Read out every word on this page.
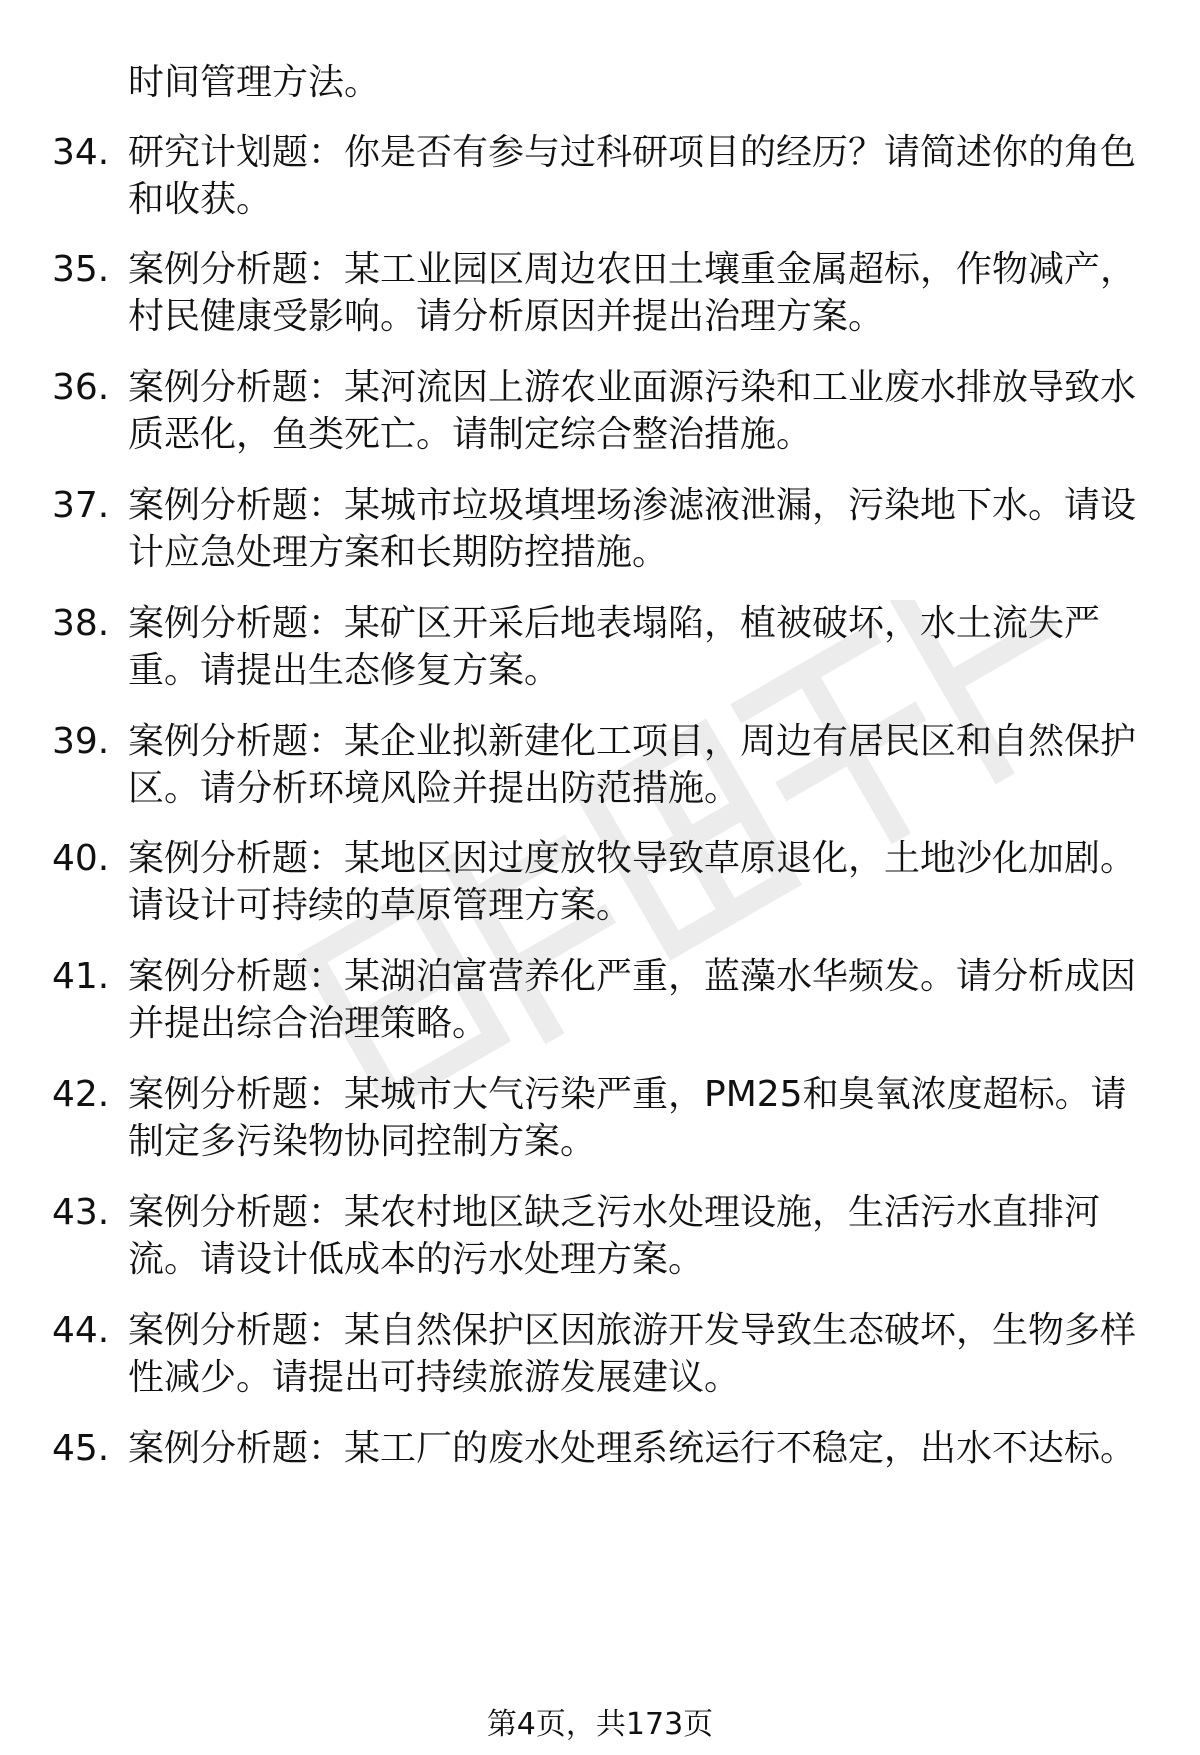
时间管理方法。
34. 研究计划题：你是否有参与过科研项目的经历？请简述你的角色和收获。
35. 案例分析题：某工业园区周边农田土壤重金属超标，作物减产，村民健康受影响。请分析原因并提出治理方案。
36. 案例分析题：某河流因上游农业面源污染和工业废水排放导致水质恶化，鱼类死亡。请制定综合整治措施。
37. 案例分析题：某城市垃圾填埋场渗滤液泄漏，污染地下水。请设计应急处理方案和长期防控措施。
38. 案例分析题：某矿区开采后地表塌陷，植被破坏，水土流失严重。请提出生态修复方案。
39. 案例分析题：某企业拟新建化工项目，周边有居民区和自然保护区。请分析环境风险并提出防范措施。
40. 案例分析题：某地区因过度放牧导致草原退化，土地沙化加剧。请设计可持续的草原管理方案。
41. 案例分析题：某湖泊富营养化严重，蓝藻水华频发。请分析成因并提出综合治理策略。
42. 案例分析题：某城市大气污染严重，PM25和臭氧浓度超标。请制定多污染物协同控制方案。
43. 案例分析题：某农村地区缺乏污水处理设施，生活污水直排河流。请设计低成本的污水处理方案。
44. 案例分析题：某自然保护区因旅游开发导致生态破坏，生物多样性减少。请提出可持续旅游发展建议。
45. 案例分析题：某工厂的废水处理系统运行不稳定，出水不达标。
第4页，共173页
